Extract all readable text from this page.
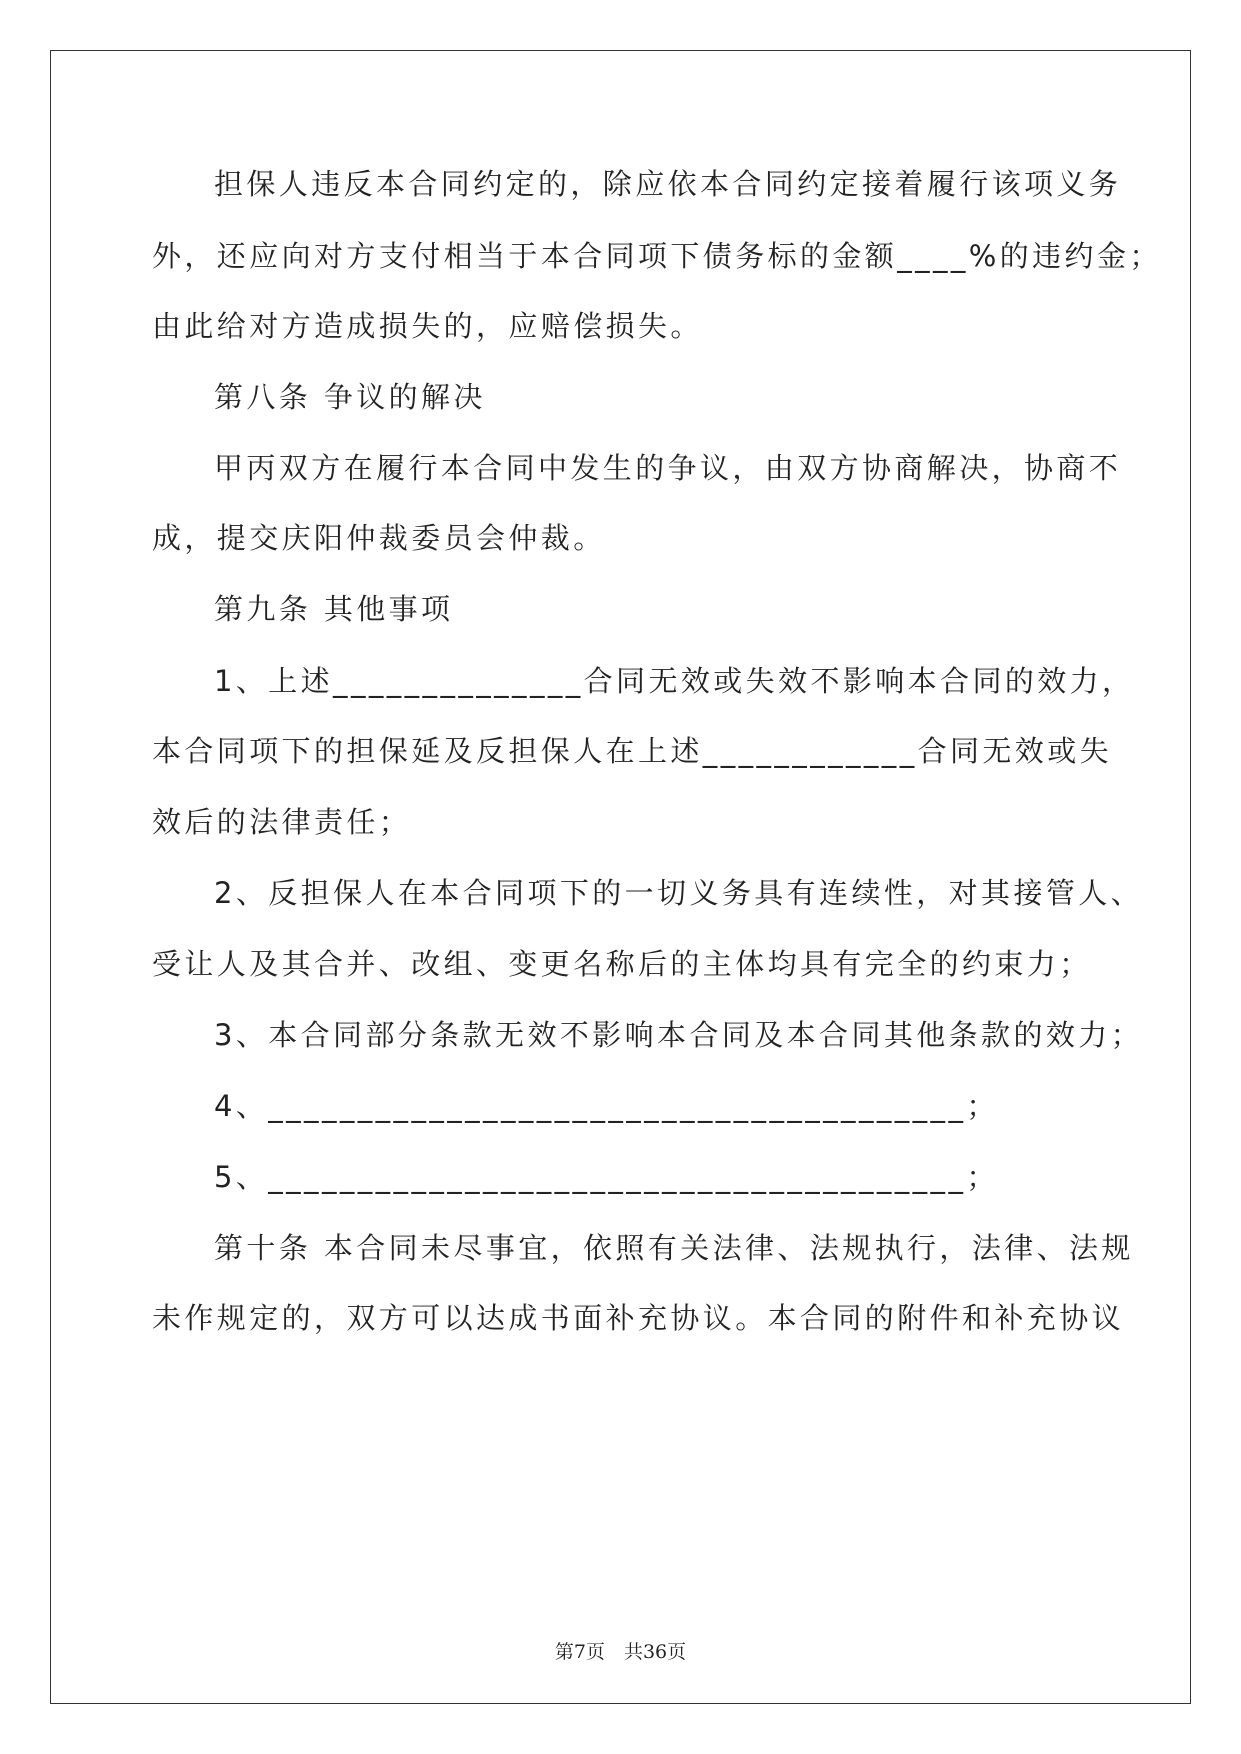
担保人违反本合同约定的，除应依本合同约定接着履行该项义务
外，还应向对方支付相当于本合同项下债务标的金额____%的违约金；
由此给对方造成损失的，应赔偿损失。
第八条 争议的解决
甲丙双方在履行本合同中发生的争议，由双方协商解决，协商不
成，提交庆阳仲裁委员会仲裁。
第九条 其他事项
1、上述______________合同无效或失效不影响本合同的效力，
本合同项下的担保延及反担保人在上述____________合同无效或失
效后的法律责任；
2、反担保人在本合同项下的一切义务具有连续性，对其接管人、
受让人及其合并、改组、变更名称后的主体均具有完全的约束力；
3、本合同部分条款无效不影响本合同及本合同其他条款的效力；
4、_______________________________________；
5、_______________________________________；
第十条 本合同未尽事宜，依照有关法律、法规执行，法律、法规
未作规定的，双方可以达成书面补充协议。本合同的附件和补充协议
第7页　共36页
